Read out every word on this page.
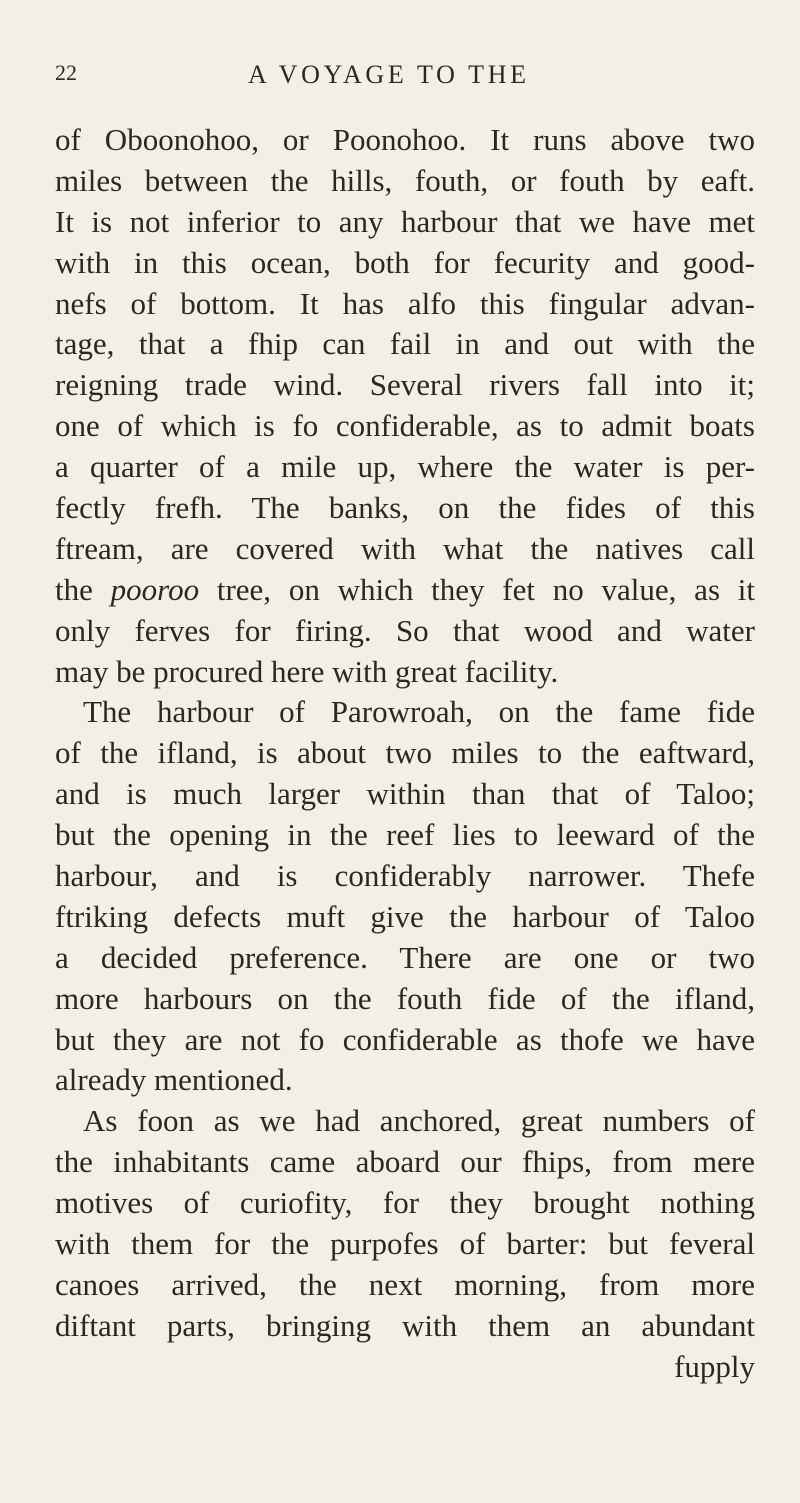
22	A VOYAGE TO THE
of Oboonohoo, or Poonohoo. It runs above two
miles between the hills, fouth, or fouth by eaft.
It is not inferior to any harbour that we have met
with in this ocean, both for fecurity and good-
nefs of bottom. It has alfo this fingular advan-
tage, that a fhip can fail in and out with the
reigning trade wind. Several rivers fall into it;
one of which is fo confiderable, as to admit boats
a quarter of a mile up, where the water is per-
fectly frefh. The banks, on the fides of this
ftream, are covered with what the natives call
the pooroo tree, on which they fet no value, as it
only ferves for firing. So that wood and water
may be procured here with great facility.
The harbour of Parowroah, on the fame fide
of the ifland, is about two miles to the eaftward,
and is much larger within than that of Taloo;
but the opening in the reef lies to leeward of the
harbour, and is confiderably narrower. Thefe
ftriking defects muft give the harbour of Taloo
a decided preference. There are one or two
more harbours on the fouth fide of the ifland,
but they are not fo confiderable as thofe we have
already mentioned.
As foon as we had anchored, great numbers of
the inhabitants came aboard our fhips, from mere
motives of curiofity, for they brought nothing
with them for the purpofes of barter: but feveral
canoes arrived, the next morning, from more
diftant parts, bringing with them an abundant
fupply
